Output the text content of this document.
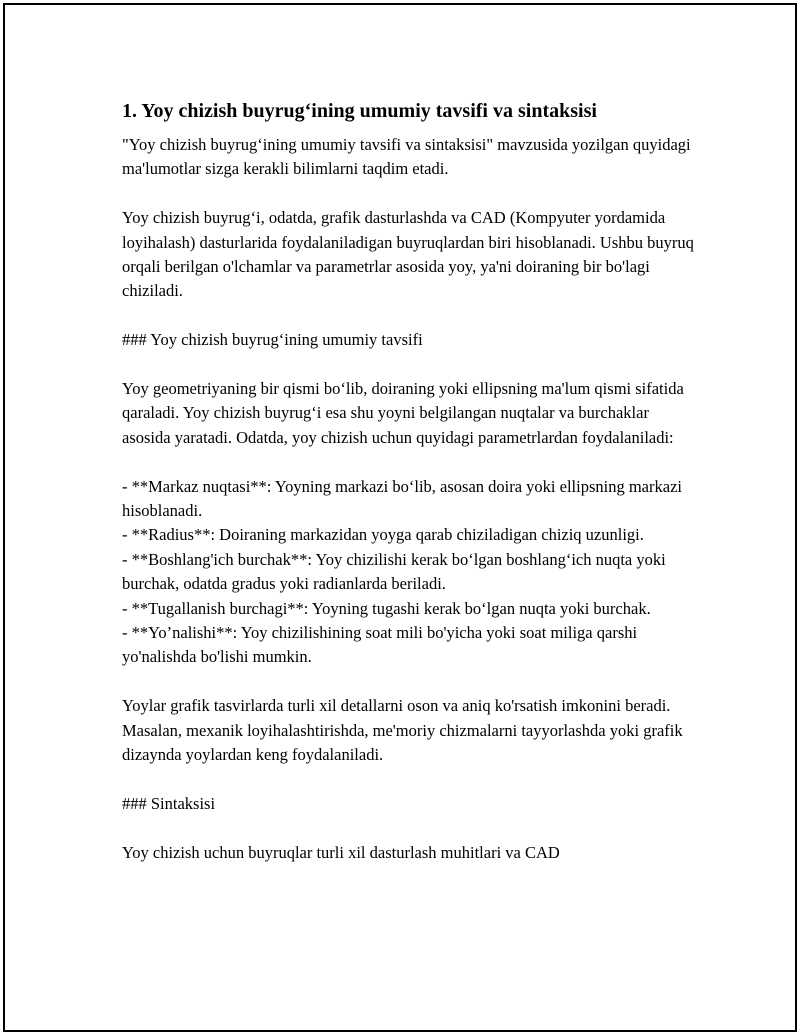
1. Yoy chizish buyrug‘ining umumiy tavsifi va sintaksisi

"Yoy chizish buyrug‘ining umumiy tavsifi va sintaksisi" mavzusida yozilgan quyidagi ma'lumotlar sizga kerakli bilimlarni taqdim etadi.

Yoy chizish buyrug‘i, odatda, grafik dasturlashda va CAD (Kompyuter yordamida loyihalash) dasturlarida foydalaniladigan buyruqlardan biri hisoblanadi. Ushbu buyruq orqali berilgan o'lchamlar va parametrlar asosida yoy, ya'ni doiraning bir bo'lagi chiziladi.

### Yoy chizish buyrug‘ining umumiy tavsifi

Yoy geometriyaning bir qismi bo‘lib, doiraning yoki ellipsning ma'lum qismi sifatida qaraladi. Yoy chizish buyrug‘i esa shu yoyni belgilangan nuqtalar va burchaklar asosida yaratadi. Odatda, yoy chizish uchun quyidagi parametrlardan foydalaniladi:

- **Markaz nuqtasi**: Yoyning markazi bo‘lib, asosan doira yoki ellipsning markazi hisoblanadi.
- **Radius**: Doiraning markazidan yoyga qarab chiziladigan chiziq uzunligi.
- **Boshlang'ich burchak**: Yoy chizilishi kerak bo‘lgan boshlang‘ich nuqta yoki burchak, odatda gradus yoki radianlarda beriladi.
- **Tugallanish burchagi**: Yoyning tugashi kerak bo‘lgan nuqta yoki burchak.
- **Yo’nalishi**: Yoy chizilishining soat mili bo'yicha yoki soat miliga qarshi yo'nalishda bo'lishi mumkin.

Yoylar grafik tasvirlarda turli xil detallarni oson va aniq ko'rsatish imkonini beradi. Masalan, mexanik loyihalashtirishda, me'moriy chizmalarni tayyorlashda yoki grafik dizaynda yoylardan keng foydalaniladi.

### Sintaksisi

Yoy chizish uchun buyruqlar turli xil dasturlash muhitlari va CAD
